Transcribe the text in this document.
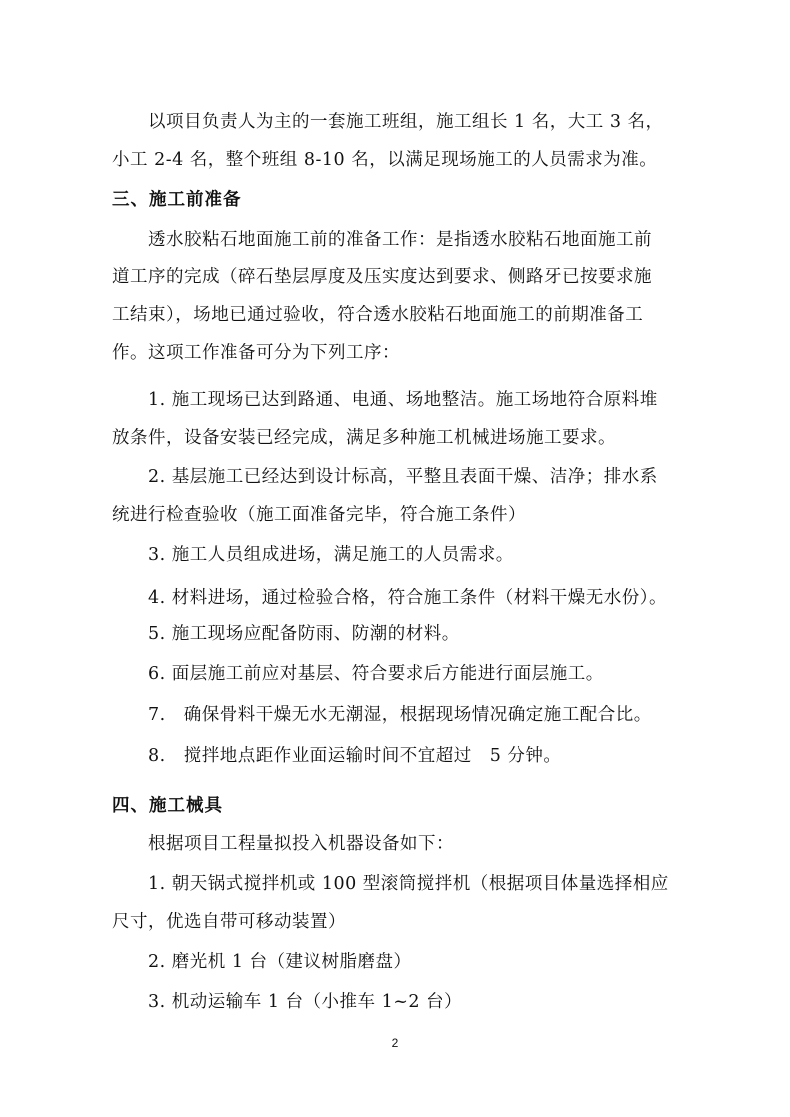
以项目负责人为主的一套施工班组，施工组长 1 名，大工 3 名，
小工 2-4 名，整个班组 8-10 名，以满足现场施工的人员需求为准。
三、施工前准备
透水胶粘石地面施工前的准备工作：是指透水胶粘石地面施工前
道工序的完成（碎石垫层厚度及压实度达到要求、侧路牙已按要求施
工结束），场地已通过验收，符合透水胶粘石地面施工的前期准备工
作。这项工作准备可分为下列工序：
1. 施工现场已达到路通、电通、场地整洁。施工场地符合原料堆
放条件，设备安装已经完成，满足多种施工机械进场施工要求。
2. 基层施工已经达到设计标高，平整且表面干燥、洁净；排水系
统进行检查验收（施工面准备完毕，符合施工条件）
3. 施工人员组成进场，满足施工的人员需求。
4. 材料进场，通过检验合格，符合施工条件（材料干燥无水份）。
5. 施工现场应配备防雨、防潮的材料。
6. 面层施工前应对基层、符合要求后方能进行面层施工。
7.　确保骨料干燥无水无潮湿，根据现场情况确定施工配合比。
8.　搅拌地点距作业面运输时间不宜超过　5 分钟。
四、施工械具
根据项目工程量拟投入机器设备如下：
1. 朝天锅式搅拌机或 100 型滚筒搅拌机（根据项目体量选择相应
尺寸，优选自带可移动装置）
2. 磨光机 1 台（建议树脂磨盘）
3. 机动运输车 1 台（小推车 1~2 台）
2
